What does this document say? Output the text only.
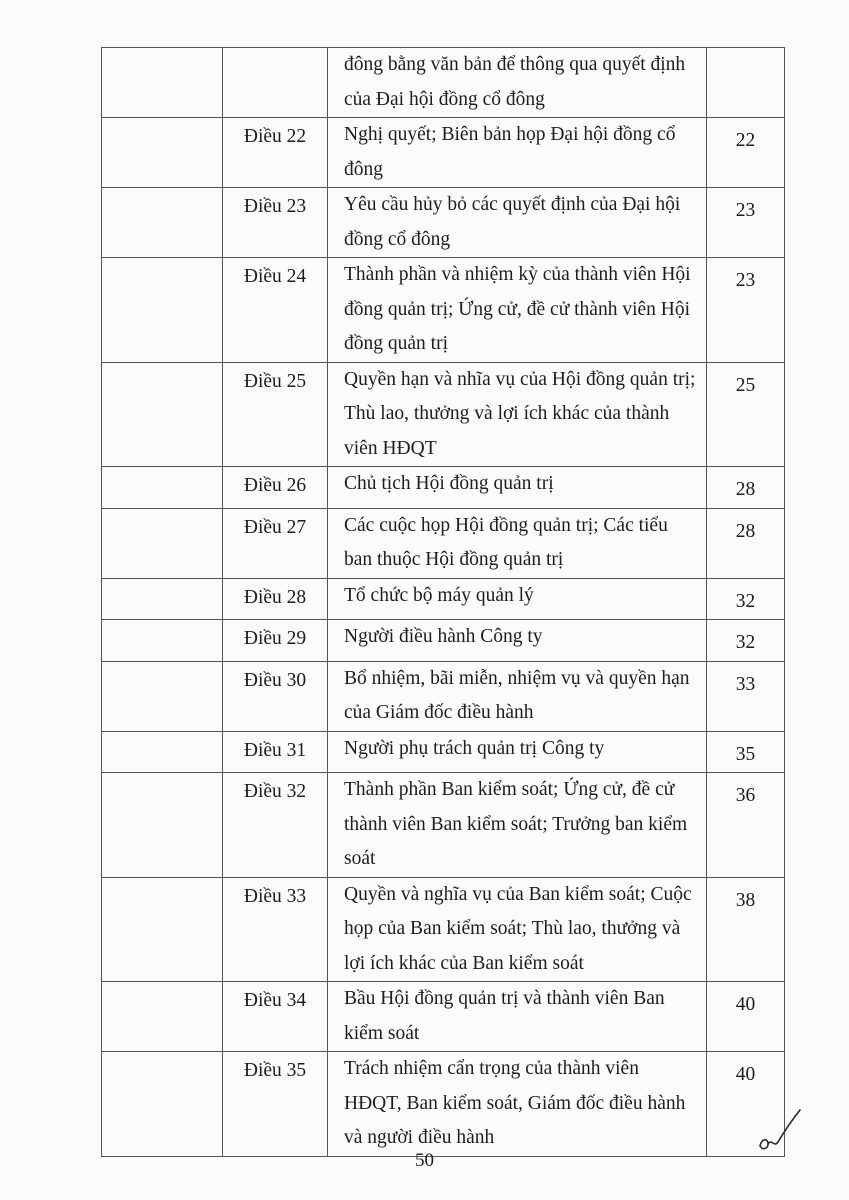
		đông bằng văn bản để thông qua quyết định của Đại hội đồng cổ đông	
	Điều 22	Nghị quyết; Biên bản họp Đại hội đồng cổ đông	22
	Điều 23	Yêu cầu hủy bỏ các quyết định của Đại hội đồng cổ đông	23
	Điều 24	Thành phần và nhiệm kỳ của thành viên Hội đồng quản trị; Ứng cử, đề cử thành viên Hội đồng quản trị	23
	Điều 25	Quyền hạn và nhĩa vụ của Hội đồng quản trị; Thù lao, thưởng và lợi ích khác của thành viên HĐQT	25
	Điều 26	Chủ tịch Hội đồng quản trị	28
	Điều 27	Các cuộc họp Hội đồng quản trị; Các tiểu ban thuộc Hội đồng quản trị	28
	Điều 28	Tổ chức bộ máy quản lý	32
	Điều 29	Người điều hành Công ty	32
	Điều 30	Bổ nhiệm, bãi miễn, nhiệm vụ và quyền hạn của Giám đốc điều hành	33
	Điều 31	Người phụ trách quản trị Công ty	35
	Điều 32	Thành phần Ban kiểm soát; Ứng cử, đề cử thành viên Ban kiểm soát; Trưởng ban kiểm soát	36
	Điều 33	Quyền và nghĩa vụ của Ban kiểm soát; Cuộc họp của Ban kiểm soát; Thù lao, thưởng và lợi ích khác của Ban kiểm soát	38
	Điều 34	Bầu Hội đồng quản trị và thành viên Ban kiểm soát	40
	Điều 35	Trách nhiệm cẩn trọng của thành viên HĐQT, Ban kiểm soát, Giám đốc điều hành và người điều hành	40
50
